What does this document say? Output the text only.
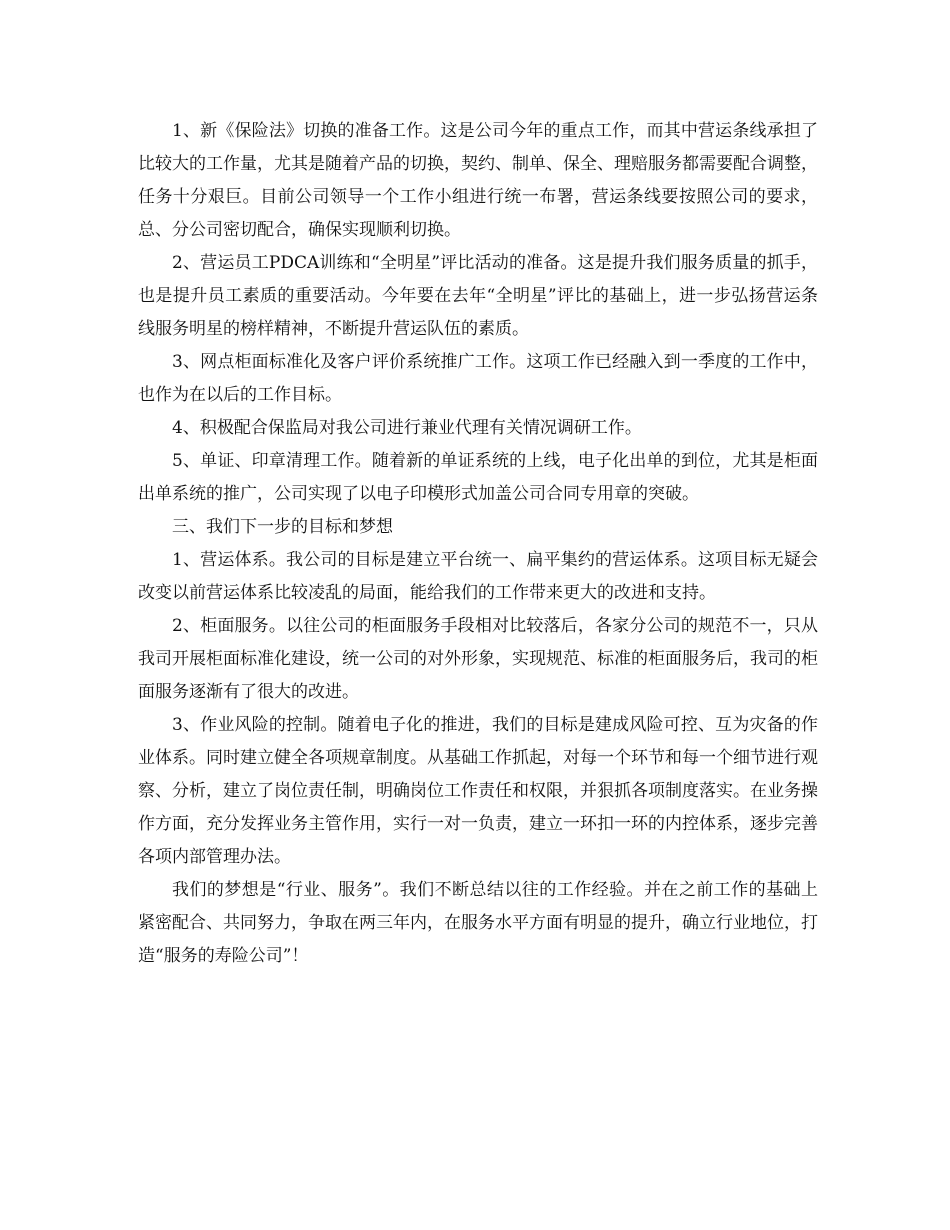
1、新《保险法》切换的准备工作。这是公司今年的重点工作，而其中营运条线承担了比较大的工作量，尤其是随着产品的切换，契约、制单、保全、理赔服务都需要配合调整，任务十分艰巨。目前公司领导一个工作小组进行统一布署，营运条线要按照公司的要求，总、分公司密切配合，确保实现顺利切换。

2、营运员工PDCA训练和“全明星”评比活动的准备。这是提升我们服务质量的抓手，也是提升员工素质的重要活动。今年要在去年“全明星”评比的基础上，进一步弘扬营运条线服务明星的榜样精神，不断提升营运队伍的素质。

3、网点柜面标准化及客户评价系统推广工作。这项工作已经融入到一季度的工作中，也作为在以后的工作目标。

4、积极配合保监局对我公司进行兼业代理有关情况调研工作。

5、单证、印章清理工作。随着新的单证系统的上线，电子化出单的到位，尤其是柜面出单系统的推广，公司实现了以电子印模形式加盖公司合同专用章的突破。

三、我们下一步的目标和梦想

1、营运体系。我公司的目标是建立平台统一、扁平集约的营运体系。这项目标无疑会改变以前营运体系比较凌乱的局面，能给我们的工作带来更大的改进和支持。

2、柜面服务。以往公司的柜面服务手段相对比较落后，各家分公司的规范不一，只从我司开展柜面标准化建设，统一公司的对外形象，实现规范、标准的柜面服务后，我司的柜面服务逐渐有了很大的改进。

3、作业风险的控制。随着电子化的推进，我们的目标是建成风险可控、互为灾备的作业体系。同时建立健全各项规章制度。从基础工作抓起，对每一个环节和每一个细节进行观察、分析，建立了岗位责任制，明确岗位工作责任和权限，并狠抓各项制度落实。在业务操作方面，充分发挥业务主管作用，实行一对一负责，建立一环扣一环的内控体系，逐步完善各项内部管理办法。

我们的梦想是“行业、服务”。我们不断总结以往的工作经验。并在之前工作的基础上紧密配合、共同努力，争取在两三年内，在服务水平方面有明显的提升，确立行业地位，打造“服务的寿险公司”！
